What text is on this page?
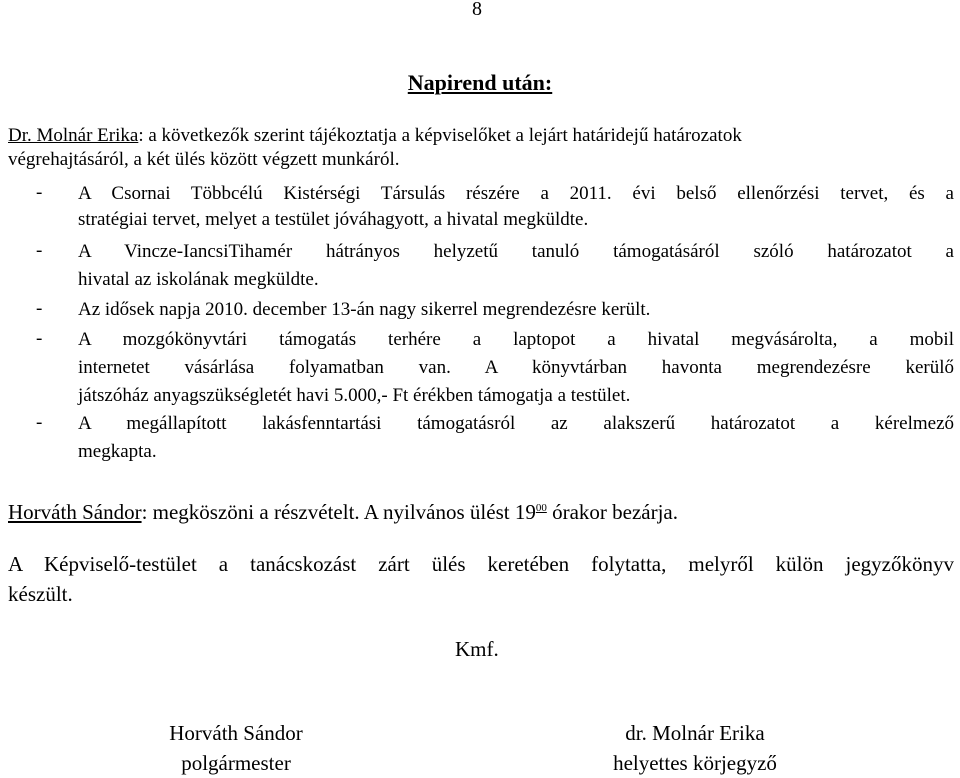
8
Napirend után:
Dr. Molnár Erika: a következők szerint tájékoztatja a képviselőket a lejárt határidejű határozatok
végrehajtásáról, a két ülés között végzett munkáról.
- A Csornai Többcélú Kistérségi Társulás részére a 2011. évi belső ellenőrzési tervet, és a
stratégiai tervet, melyet a testület jóváhagyott, a hivatal megküldte.
- A Vincze-IancsiTihamér hátrányos helyzetű tanuló támogatásáról szóló határozatot a
hivatal az iskolának megküldte.
- Az idősek napja 2010. december 13-án nagy sikerrel megrendezésre került.
- A mozgókönyvtári támogatás terhére a laptopot a hivatal megvásárolta, a mobil
internetet vásárlása folyamatban van. A könyvtárban havonta megrendezésre kerülő
játszóház anyagszükségletét havi 5.000,- Ft érékben támogatja a testület.
- A megállapított lakásfenntartási támogatásról az alakszerű határozatot a kérelmező
megkapta.
Horváth Sándor: megköszöni a részvételt. A nyilvános ülést $19^{00}$ órakor bezárja.
A Képviselő-testület a tanácskozást zárt ülés keretében folytatta, melyről külön jegyzőkönyv
készült.
Kmf.
Horváth Sándor
polgármester
dr. Molnár Erika
helyettes körjegyző
